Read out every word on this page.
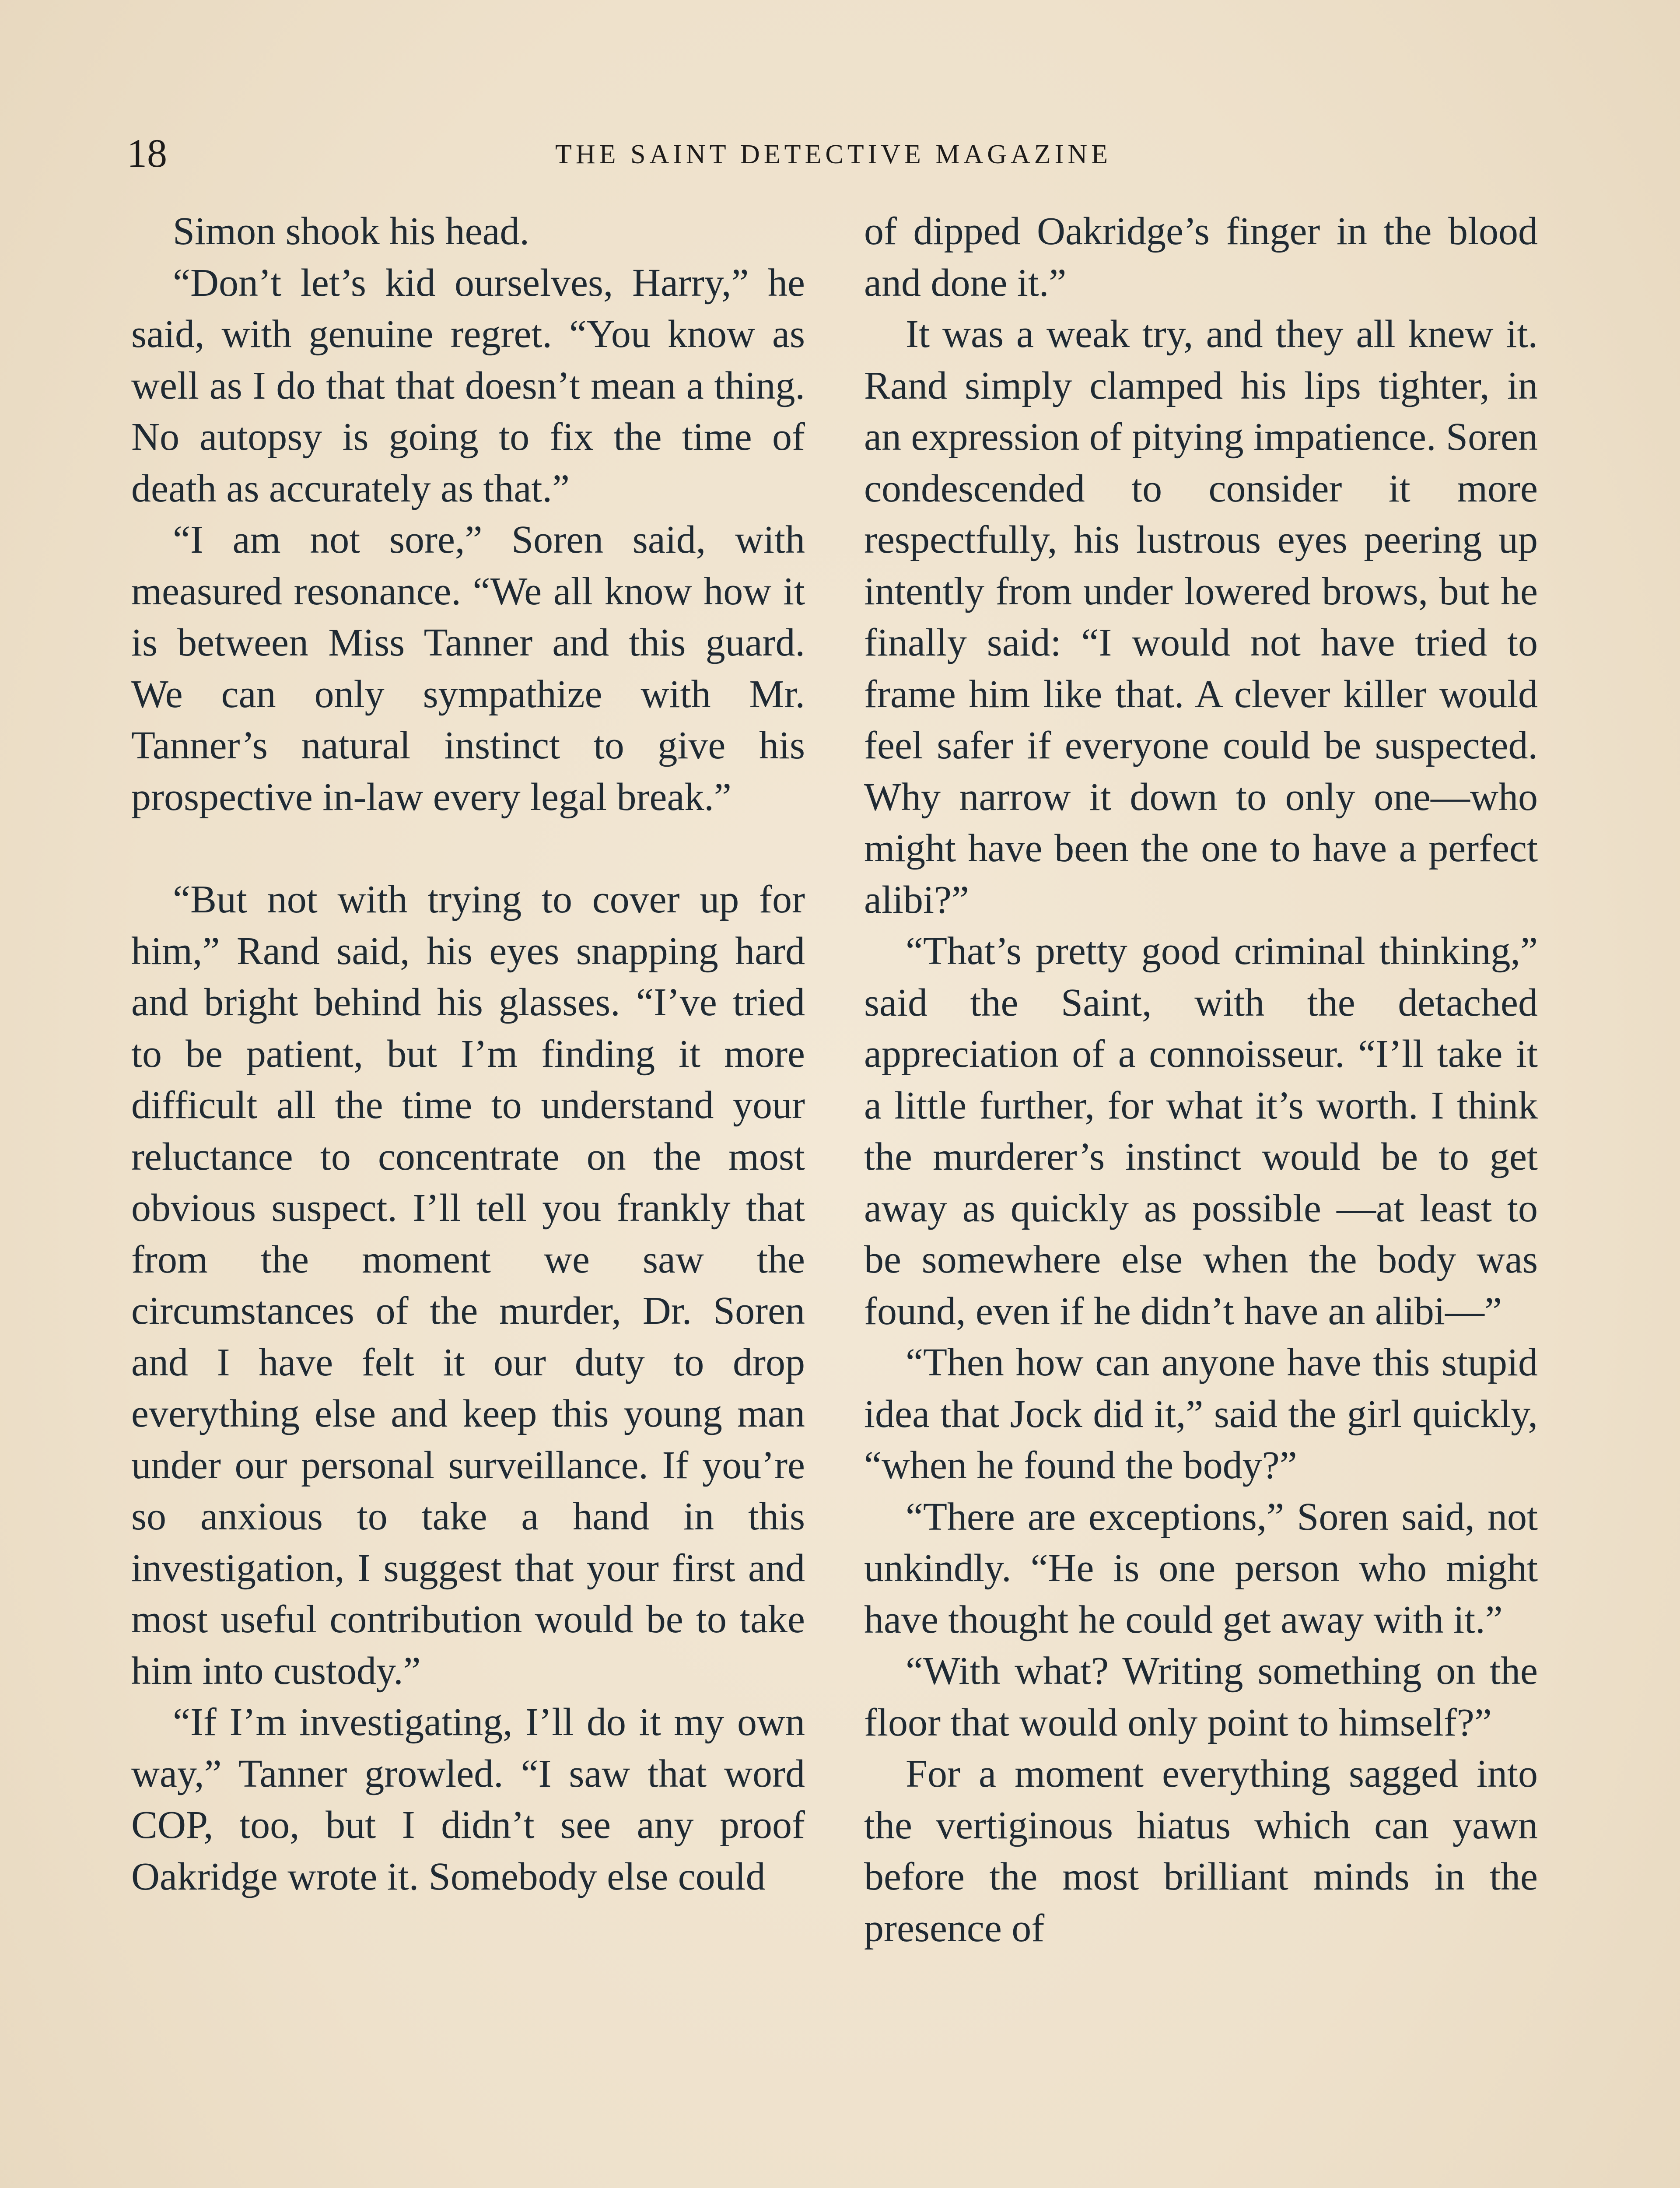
18	THE SAINT DETECTIVE MAGAZINE

Simon shook his head.

“Don’t let’s kid ourselves, Harry,” he said, with genuine regret. “You know as well as I do that that doesn’t mean a thing. No autopsy is going to fix the time of death as accurately as that.”

“I am not sore,” Soren said, with measured resonance. “We all know how it is between Miss Tanner and this guard. We can only sympathize with Mr. Tanner’s natural instinct to give his prospective in-law every legal break.”

“But not with trying to cover up for him,” Rand said, his eyes snapping hard and bright behind his glasses. “I’ve tried to be patient, but I’m finding it more difficult all the time to understand your reluctance to concentrate on the most obvious suspect. I’ll tell you frankly that from the moment we saw the circumstances of the murder, Dr. Soren and I have felt it our duty to drop everything else and keep this young man under our personal surveillance. If you’re so anxious to take a hand in this investigation, I suggest that your first and most useful contribution would be to take him into custody.”

“If I’m investigating, I’ll do it my own way,” Tanner growled. “I saw that word COP, too, but I didn’t see any proof Oakridge wrote it. Somebody else could

of dipped Oakridge’s finger in the blood and done it.”

It was a weak try, and they all knew it. Rand simply clamped his lips tighter, in an expression of pitying impatience. Soren condescended to consider it more respectfully, his lustrous eyes peering up intently from under lowered brows, but he finally said: “I would not have tried to frame him like that. A clever killer would feel safer if everyone could be suspected. Why narrow it down to only one—who might have been the one to have a perfect alibi?”

“That’s pretty good criminal thinking,” said the Saint, with the detached appreciation of a connoisseur. “I’ll take it a little further, for what it’s worth. I think the murderer’s instinct would be to get away as quickly as possible —at least to be somewhere else when the body was found, even if he didn’t have an alibi—”

“Then how can anyone have this stupid idea that Jock did it,” said the girl quickly, “when he found the body?”

“There are exceptions,” Soren said, not unkindly. “He is one person who might have thought he could get away with it.”

“With what? Writing something on the floor that would only point to himself?”

For a moment everything sagged into the vertiginous hiatus which can yawn before the most brilliant minds in the presence of
